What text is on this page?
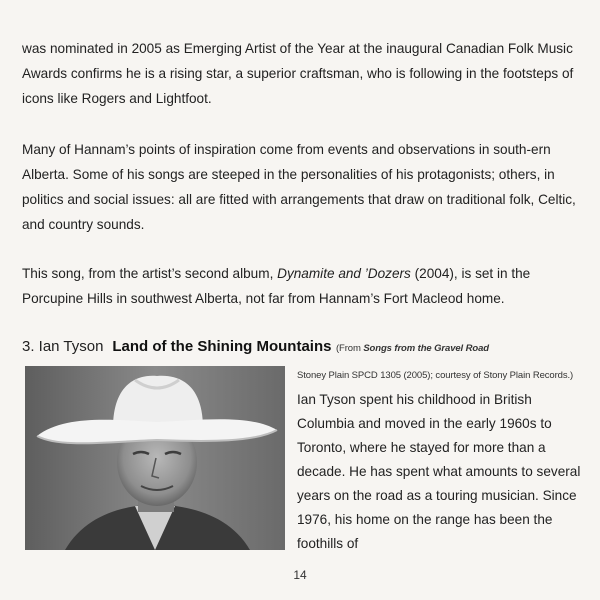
was nominated in 2005 as Emerging Artist of the Year at the inaugural Canadian Folk Music Awards confirms he is a rising star, a superior craftsman, who is following in the footsteps of icons like Rogers and Lightfoot.

Many of Hannam’s points of inspiration come from events and observations in south-ern Alberta. Some of his songs are steeped in the personalities of his protagonists; others, in politics and social issues: all are fitted with arrangements that draw on traditional folk, Celtic, and country sounds.

This song, from the artist’s second album, Dynamite and ’Dozers (2004), is set in the Porcupine Hills in southwest Alberta, not far from Hannam’s Fort Macleod home.

3. Ian Tyson Land of the Shining Mountains (From Songs from the Gravel Road

Stoney Plain SPCD 1305 (2005); courtesy of Stony Plain Records.) Ian Tyson spent his childhood in British Columbia and moved in the early 1960s to Toronto, where he stayed for more than a decade. He has spent what amounts to several years on the road as a touring musician. Since 1976, his home on the range has been the foothills of

14
